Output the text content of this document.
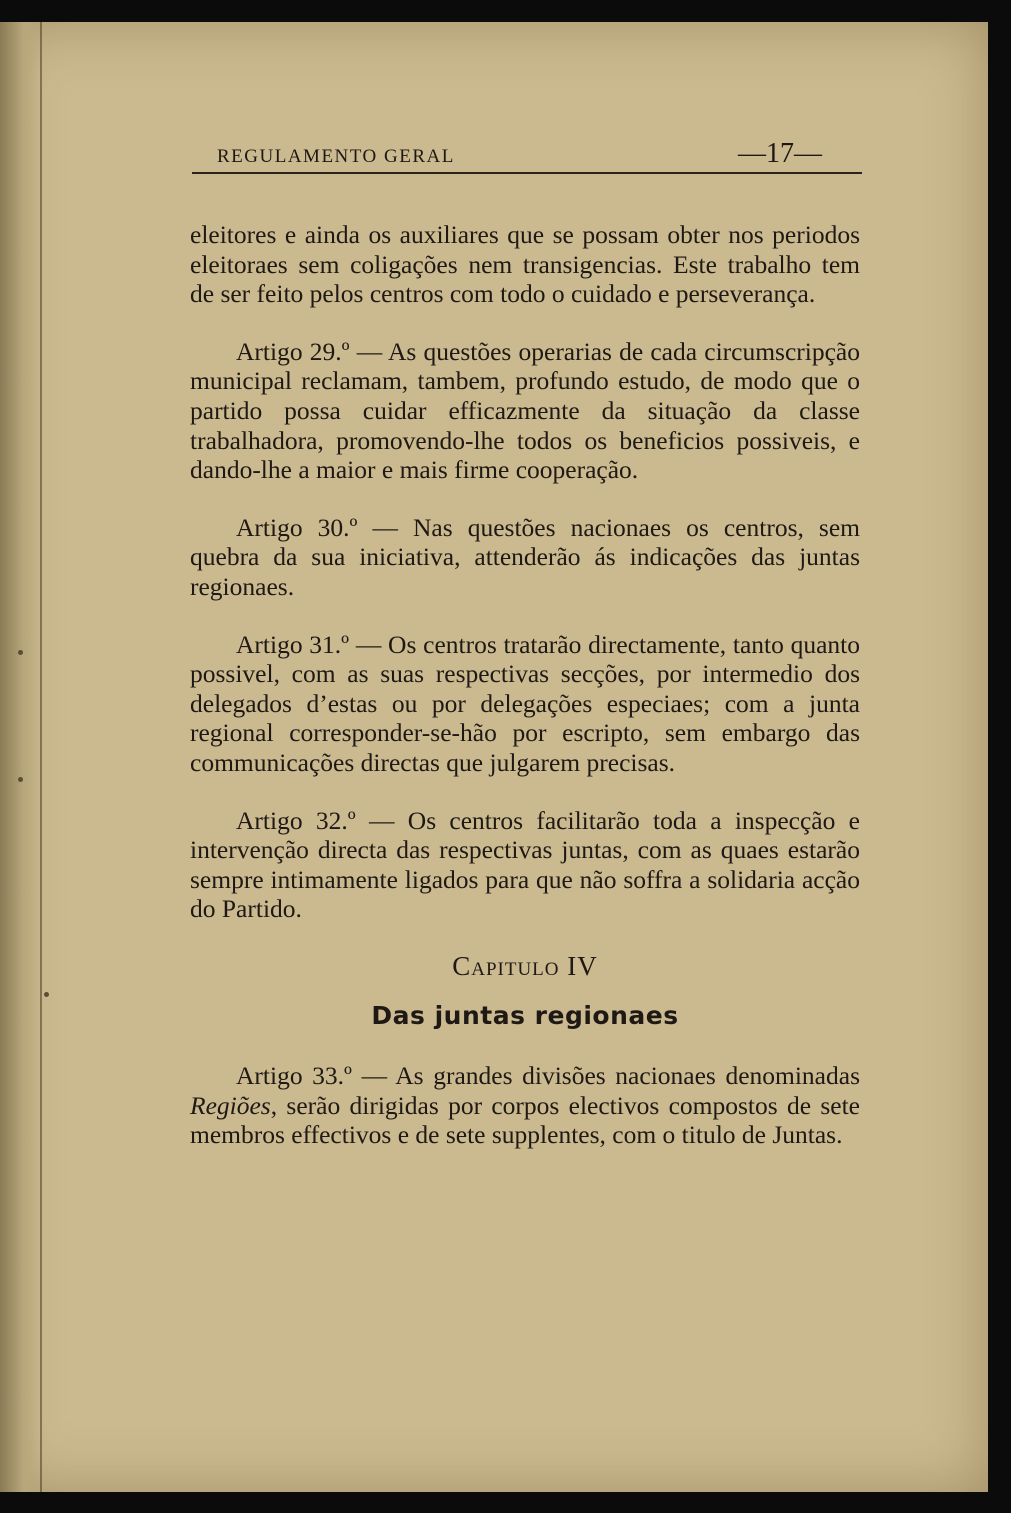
REGULAMENTO GERAL	—17—

eleitores e ainda os auxiliares que se possam obter nos periodos eleitoraes sem coligações nem transigencias. Este trabalho tem de ser feito pelos centros com todo o cuidado e perseverança.

Artigo 29.º — As questões operarias de cada circumscripção municipal reclamam, tambem, profundo estudo, de modo que o partido possa cuidar efficazmente da situação da classe trabalhadora, promovendo-lhe todos os beneficios possiveis, e dando-lhe a maior e mais firme cooperação.

Artigo 30.º — Nas questões nacionaes os centros, sem quebra da sua iniciativa, attenderão ás indicações das juntas regionaes.

Artigo 31.º — Os centros tratarão directamente, tanto quanto possivel, com as suas respectivas secções, por intermedio dos delegados d’estas ou por delegações especiaes; com a junta regional corresponder-se-hão por escripto, sem embargo das communicações directas que julgarem precisas.

Artigo 32.º — Os centros facilitarão toda a inspecção e intervenção directa das respectivas juntas, com as quaes estarão sempre intimamente ligados para que não soffra a solidaria acção do Partido.

Capitulo IV
Das juntas regionaes

Artigo 33.º — As grandes divisões nacionaes denominadas Regiões, serão dirigidas por corpos electivos compostos de sete membros effectivos e de sete supplentes, com o titulo de Juntas.
